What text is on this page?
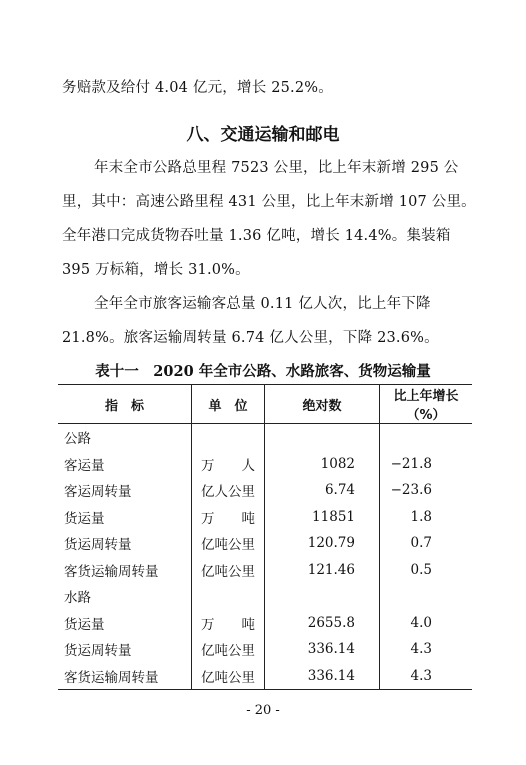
务赔款及给付 4.04 亿元，增长 25.2%。
八、交通运输和邮电
年末全市公路总里程 7523 公里，比上年末新增 295 公
里，其中：高速公路里程 431 公里，比上年末新增 107 公里。
全年港口完成货物吞吐量 1.36 亿吨，增长 14.4%。集装箱
395 万标箱，增长 31.0%。
全年全市旅客运输客总量 0.11 亿人次，比上年下降
21.8%。旅客运输周转量 6.74 亿人公里，下降 23.6%。
表十一　2020 年全市公路、水路旅客、货物运输量
指　标	单　位	绝对数	比上年增长（%）
公路			
客运量	万　　人	1082	−21.8
客运周转量	亿人公里	6.74	−23.6
货运量	万　　吨	11851	1.8
货运周转量	亿吨公里	120.79	0.7
客货运输周转量	亿吨公里	121.46	0.5
水路			
货运量	万　　吨	2655.8	4.0
货运周转量	亿吨公里	336.14	4.3
客货运输周转量	亿吨公里	336.14	4.3
- 20 -
